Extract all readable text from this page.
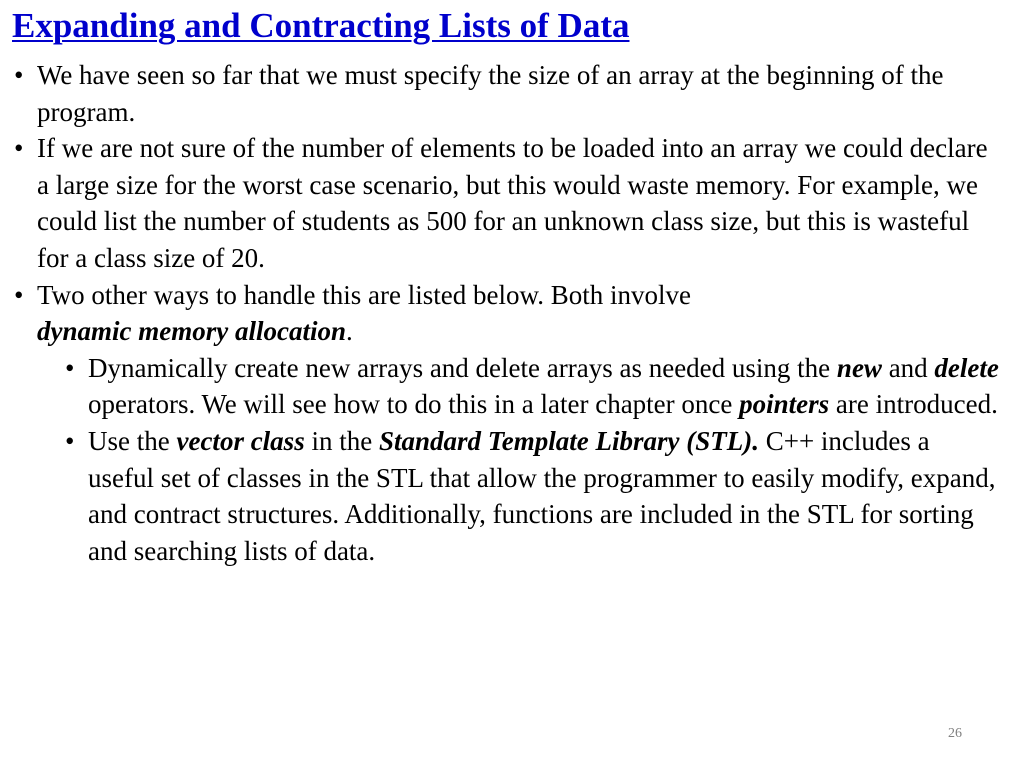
Expanding and Contracting Lists of Data
• We have seen so far that we must specify the size of an array at the beginning of the program.
• If we are not sure of the number of elements to be loaded into an array we could declare a large size for the worst case scenario, but this would waste memory. For example, we could list the number of students as 500 for an unknown class size, but this is wasteful for a class size of 20.
• Two other ways to handle this are listed below. Both involve
dynamic memory allocation.
• Dynamically create new arrays and delete arrays as needed using the new and delete operators. We will see how to do this in a later chapter once pointers are introduced.
• Use the vector class in the Standard Template Library (STL). C++ includes a useful set of classes in the STL that allow the programmer to easily modify, expand, and contract structures. Additionally, functions are included in the STL for sorting and searching lists of data.
26
